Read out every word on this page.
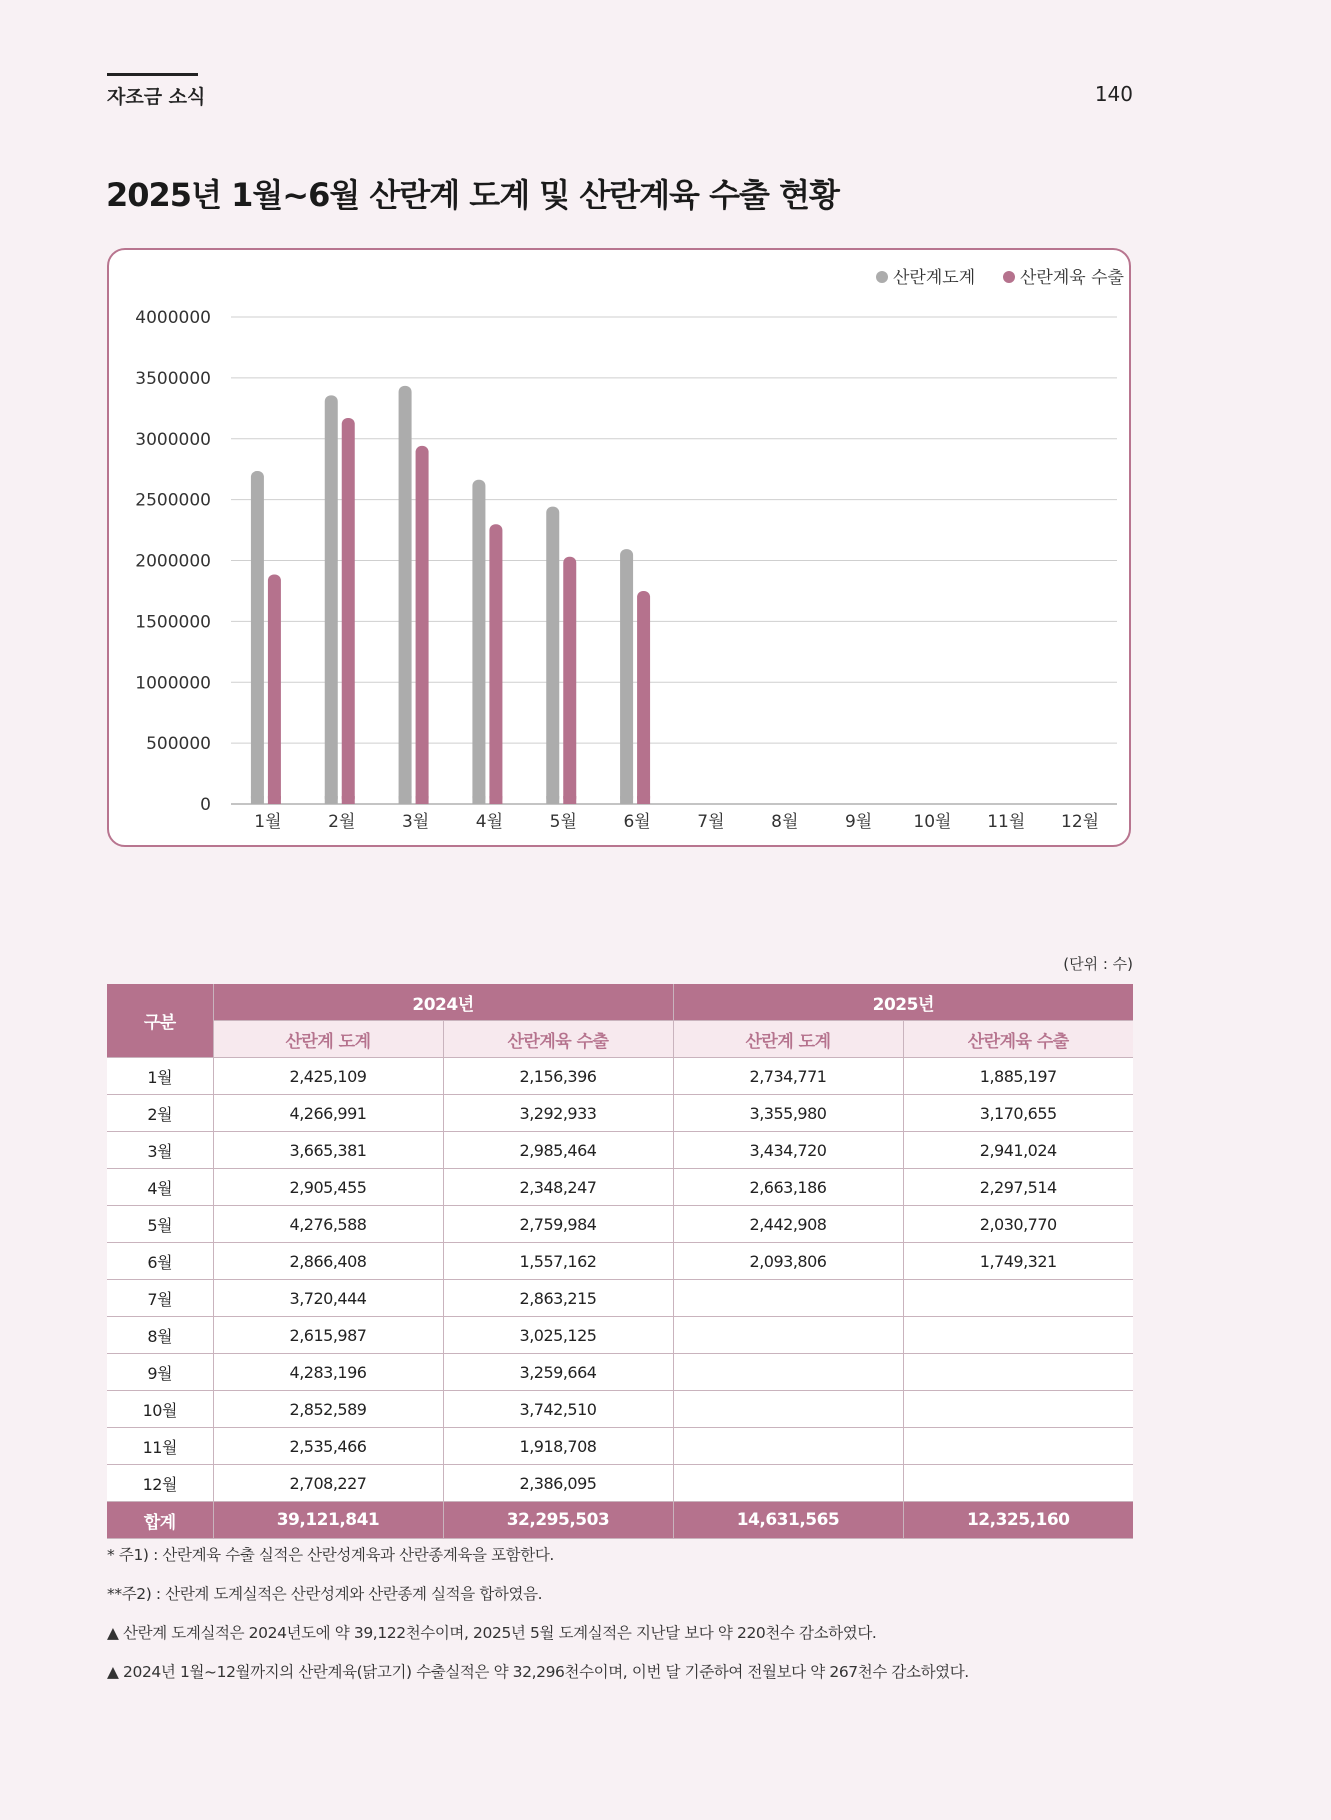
자조금 소식	140
2025년 1월~6월 산란계 도계 및 산란계육 수출 현황
0
500000
1000000
1500000
2000000
2500000
3000000
3500000
4000000
1월	2월	3월	4월	5월	6월	7월	8월	9월 10월 11월 12월
산란계도계	산란계육 수출
(단위 : 수)
구분	2024년		2025년	
	산란계 도계	산란계육 수출	산란계 도계	산란계육 수출
1월	2,425,109	2,156,396	2,734,771	1,885,197
2월	4,266,991	3,292,933	3,355,980	3,170,655
3월	3,665,381	2,985,464	3,434,720	2,941,024
4월	2,905,455	2,348,247	2,663,186	2,297,514
5월	4,276,588	2,759,984	2,442,908	2,030,770
6월	2,866,408	1,557,162	2,093,806	1,749,321
7월	3,720,444	2,863,215		
8월	2,615,987	3,025,125		
9월	4,283,196	3,259,664		
10월	2,852,589	3,742,510		
11월	2,535,466	1,918,708		
12월	2,708,227	2,386,095		
합계	39,121,841	32,295,503	14,631,565	12,325,160
* 주1) : 산란계육 수출 실적은 산란성계육과 산란종계육을 포함한다.
**주2) : 산란계 도계실적은 산란성계와 산란종계 실적을 합하였음.
▲ 산란계 도계실적은 2024년도에 약 39,122천수이며, 2025년 5월 도계실적은 지난달 보다 약 220천수 감소하였다.
▲ 2024년 1월~12월까지의 산란계육(닭고기) 수출실적은 약 32,296천수이며, 이번 달 기준하여 전월보다 약 267천수 감소하였다.
